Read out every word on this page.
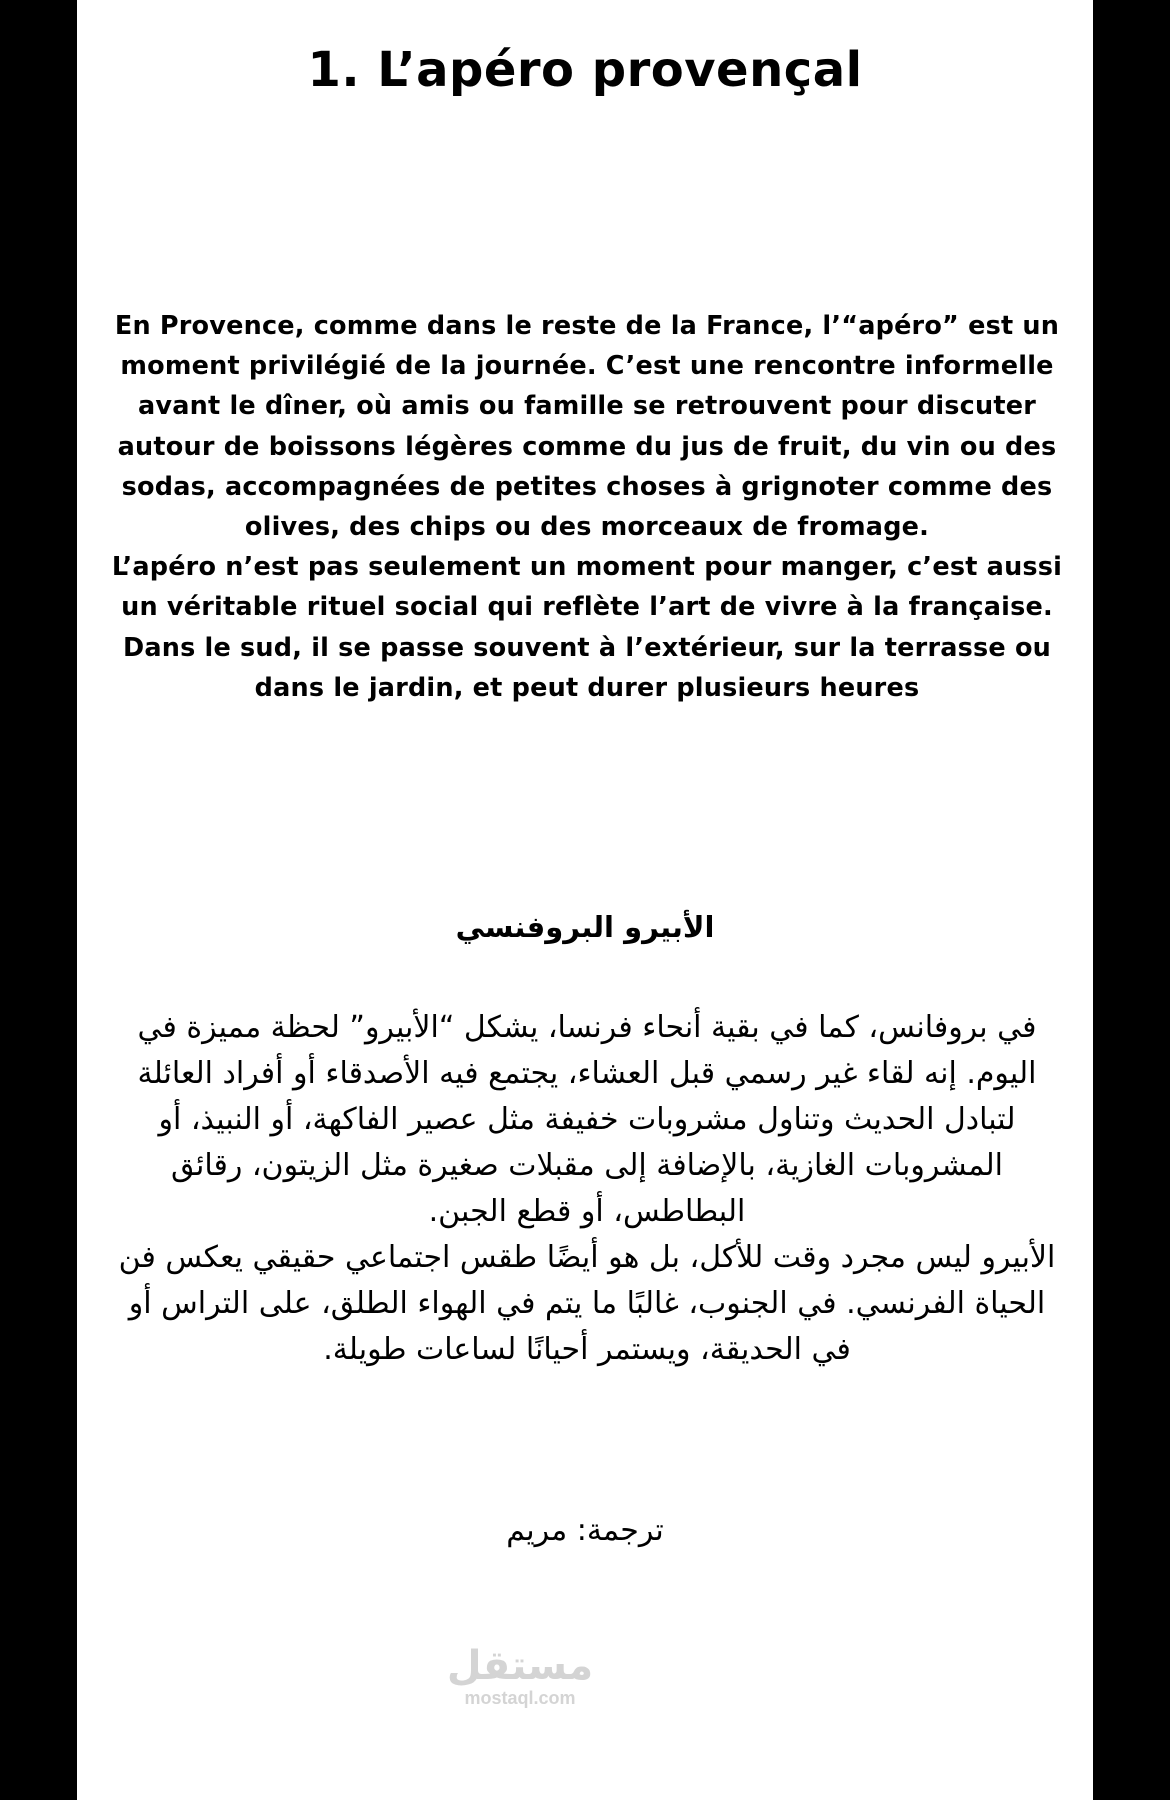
1. L’apéro provençal

En Provence, comme dans le reste de la France, l’“apéro” est un moment privilégié de la journée. C’est une rencontre informelle avant le dîner, où amis ou famille se retrouvent pour discuter autour de boissons légères comme du jus de fruit, du vin ou des sodas, accompagnées de petites choses à grignoter comme des olives, des chips ou des morceaux de fromage.

L’apéro n’est pas seulement un moment pour manger, c’est aussi un véritable rituel social qui reflète l’art de vivre à la française. Dans le sud, il se passe souvent à l’extérieur, sur la terrasse ou dans le jardin, et peut durer plusieurs heures

الأبيرو البروفنسي

في بروفانس، كما في بقية أنحاء فرنسا، يشكل “الأبيرو” لحظة مميزة في اليوم. إنه لقاء غير رسمي قبل العشاء، يجتمع فيه الأصدقاء أو أفراد العائلة لتبادل الحديث وتناول مشروبات خفيفة مثل عصير الفاكهة، أو النبيذ، أو المشروبات الغازية، بالإضافة إلى مقبلات صغيرة مثل الزيتون، رقائق البطاطس، أو قطع الجبن.

الأبيرو ليس مجرد وقت للأكل، بل هو أيضًا طقس اجتماعي حقيقي يعكس فن الحياة الفرنسي. في الجنوب، غالبًا ما يتم في الهواء الطلق، على التراس أو في الحديقة، ويستمر أحيانًا لساعات طويلة.

ترجمة: مريم
مستقل
mostaql.com
